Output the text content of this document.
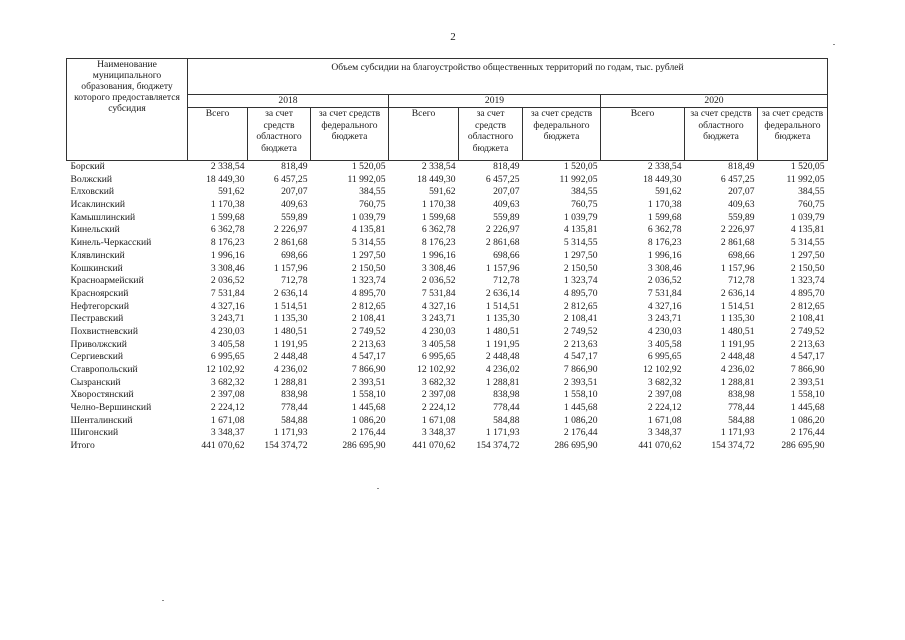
2
Наименование муниципального образования, бюджету которого предоставляется субсидия	Объем субсидии на благоустройство общественных территорий по годам, тыс. рублей								
	2018			2019			2020		
	Всего	за счет средств областного бюджета	за счет средств федерального бюджета	Всего	за счет средств областного бюджета	за счет средств федерального бюджета	Всего	за счет средств областного бюджета	за счет средств федерального бюджета
Борский	2 338,54	818,49	1 520,05	2 338,54	818,49	1 520,05	2 338,54	818,49	1 520,05
Волжский	18 449,30	6 457,25	11 992,05	18 449,30	6 457,25	11 992,05	18 449,30	6 457,25	11 992,05
Елховский	591,62	207,07	384,55	591,62	207,07	384,55	591,62	207,07	384,55
Исаклинский	1 170,38	409,63	760,75	1 170,38	409,63	760,75	1 170,38	409,63	760,75
Камышлинский	1 599,68	559,89	1 039,79	1 599,68	559,89	1 039,79	1 599,68	559,89	1 039,79
Кинельский	6 362,78	2 226,97	4 135,81	6 362,78	2 226,97	4 135,81	6 362,78	2 226,97	4 135,81
Кинель-Черкасский	8 176,23	2 861,68	5 314,55	8 176,23	2 861,68	5 314,55	8 176,23	2 861,68	5 314,55
Клявлинский	1 996,16	698,66	1 297,50	1 996,16	698,66	1 297,50	1 996,16	698,66	1 297,50
Кошкинский	3 308,46	1 157,96	2 150,50	3 308,46	1 157,96	2 150,50	3 308,46	1 157,96	2 150,50
Красноармейский	2 036,52	712,78	1 323,74	2 036,52	712,78	1 323,74	2 036,52	712,78	1 323,74
Красноярский	7 531,84	2 636,14	4 895,70	7 531,84	2 636,14	4 895,70	7 531,84	2 636,14	4 895,70
Нефтегорский	4 327,16	1 514,51	2 812,65	4 327,16	1 514,51	2 812,65	4 327,16	1 514,51	2 812,65
Пестравский	3 243,71	1 135,30	2 108,41	3 243,71	1 135,30	2 108,41	3 243,71	1 135,30	2 108,41
Похвистневский	4 230,03	1 480,51	2 749,52	4 230,03	1 480,51	2 749,52	4 230,03	1 480,51	2 749,52
Приволжский	3 405,58	1 191,95	2 213,63	3 405,58	1 191,95	2 213,63	3 405,58	1 191,95	2 213,63
Сергиевский	6 995,65	2 448,48	4 547,17	6 995,65	2 448,48	4 547,17	6 995,65	2 448,48	4 547,17
Ставропольский	12 102,92	4 236,02	7 866,90	12 102,92	4 236,02	7 866,90	12 102,92	4 236,02	7 866,90
Сызранский	3 682,32	1 288,81	2 393,51	3 682,32	1 288,81	2 393,51	3 682,32	1 288,81	2 393,51
Хворостянский	2 397,08	838,98	1 558,10	2 397,08	838,98	1 558,10	2 397,08	838,98	1 558,10
Челно-Вершинский	2 224,12	778,44	1 445,68	2 224,12	778,44	1 445,68	2 224,12	778,44	1 445,68
Шенталинский	1 671,08	584,88	1 086,20	1 671,08	584,88	1 086,20	1 671,08	584,88	1 086,20
Шигонский	3 348,37	1 171,93	2 176,44	3 348,37	1 171,93	2 176,44	3 348,37	1 171,93	2 176,44
Итого	441 070,62	154 374,72	286 695,90	441 070,62	154 374,72	286 695,90	441 070,62	154 374,72	286 695,90
